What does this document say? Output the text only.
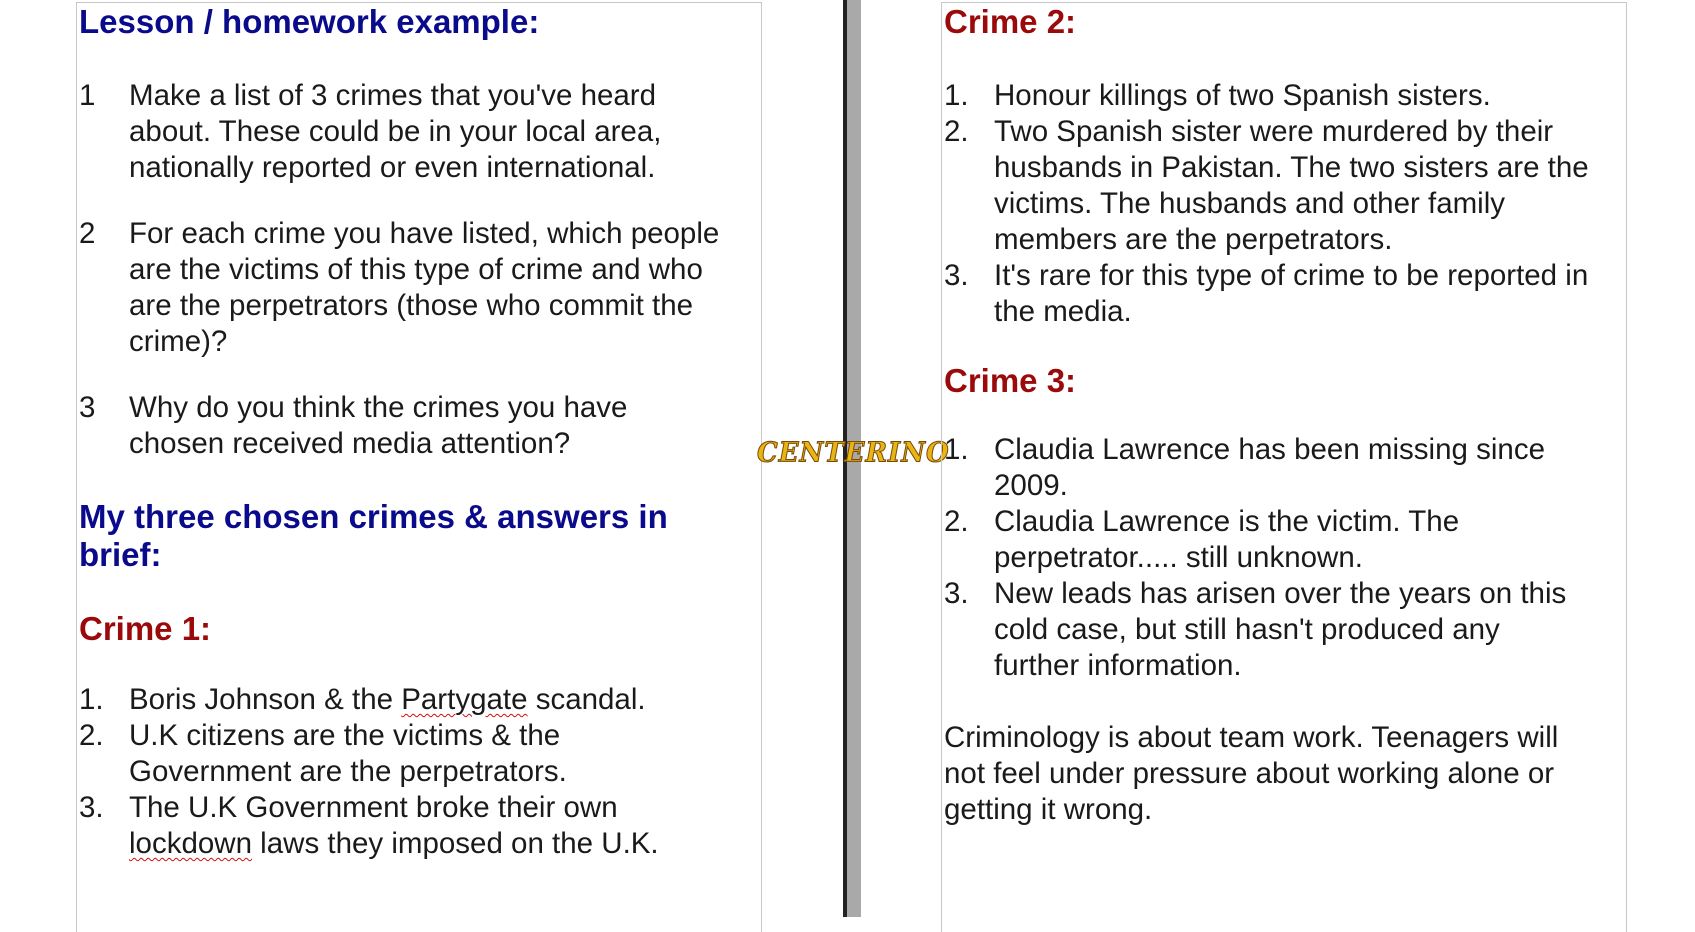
Lesson / homework example:
1	Make a list of 3 crimes that you've heard
about. These could be in your local area,
nationally reported or even international.
2	For each crime you have listed, which people
are the victims of this type of crime and who
are the perpetrators (those who commit the
crime)?
3	Why do you think the crimes you have
chosen received media attention?
My three chosen crimes & answers in
brief:
Crime 1:
1. Boris Johnson & the Partygate scandal.
2. U.K citizens are the victims & the
Government are the perpetrators.
3. The U.K Government broke their own
lockdown laws they imposed on the U.K.
CENTERINO
Crime 2:
1. Honour killings of two Spanish sisters.
2. Two Spanish sister were murdered by their
husbands in Pakistan. The two sisters are the
victims. The husbands and other family
members are the perpetrators.
3. It's rare for this type of crime to be reported in
the media.
Crime 3:
1. Claudia Lawrence has been missing since
2009.
2. Claudia Lawrence is the victim. The
perpetrator..... still unknown.
3. New leads has arisen over the years on this
cold case, but still hasn't produced any
further information.
Criminology is about team work. Teenagers will
not feel under pressure about working alone or
getting it wrong.
